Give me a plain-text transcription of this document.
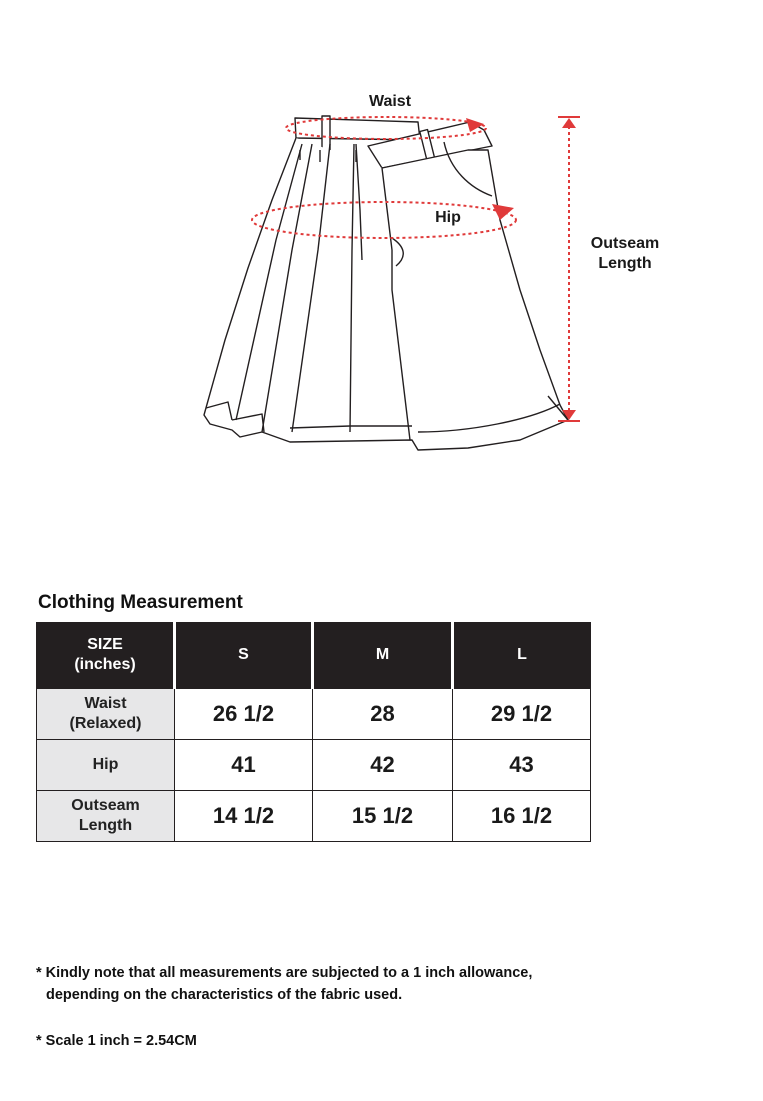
Waist
Hip
Outseam
Length
Clothing Measurement
SIZE
(inches)	S	M	L
Waist
(Relaxed)	26 1/2	28	29 1/2
Hip	41	42	43
Outseam
Length	14 1/2	15 1/2	16 1/2
* Kindly note that all measurements are subjected to a 1 inch allowance,
depending on the characteristics of the fabric used.
* Scale 1 inch = 2.54CM
